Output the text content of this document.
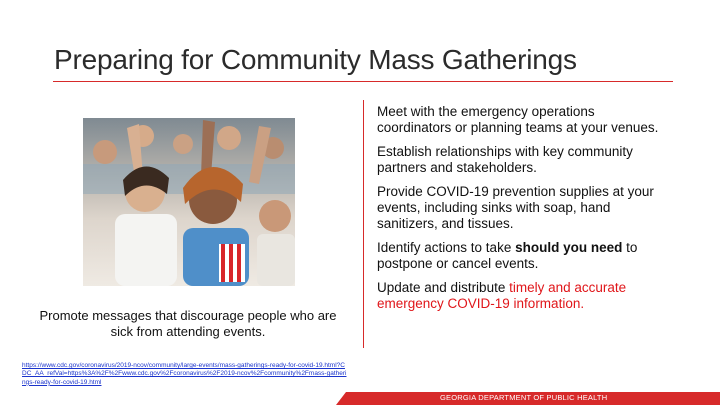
Preparing for Community Mass Gatherings

Promote messages that discourage people who are sick from attending events.

https://www.cdc.gov/coronavirus/2019-ncov/community/large-events/mass-gatherings-ready-for-covid-19.html?CDC_AA_refVal=https%3A%2F%2Fwww.cdc.gov%2Fcoronavirus%2F2019-ncov%2Fcommunity%2Fmass-gatherings-ready-for-covid-19.html
Meet with the emergency operations coordinators or planning teams at your venues.
Establish relationships with key community partners and stakeholders.
Provide COVID-19 prevention supplies at your events, including sinks with soap, hand sanitizers, and tissues.
Identify actions to take should you need to postpone or cancel events.
Update and distribute timely and accurate emergency COVID-19 information.
GEORGIA DEPARTMENT OF PUBLIC HEALTH
